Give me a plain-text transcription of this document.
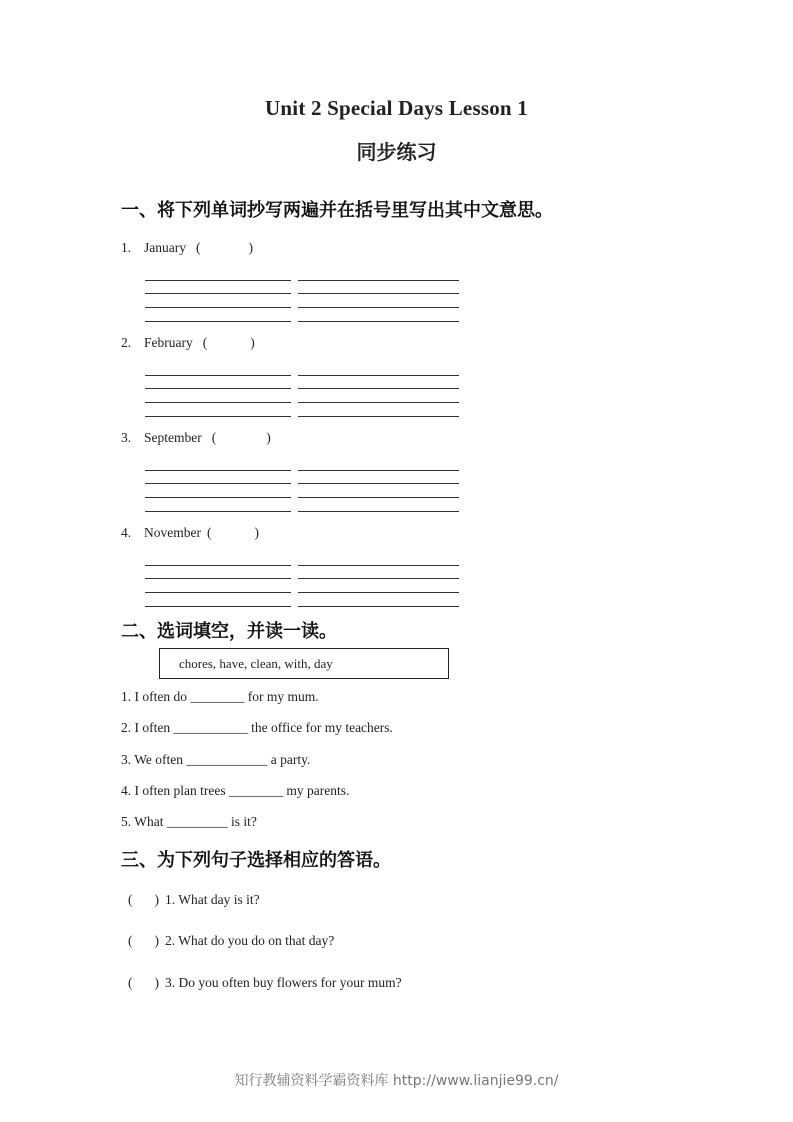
Unit 2 Special Days Lesson 1
同步练习
一、将下列单词抄写两遍并在括号里写出其中文意思。
1. January (	)
2. February (	)
3. September (	)
4. November (	)
二、选词填空，并读一读。
chores, have, clean, with, day
1. I often do ________ for my mum.
2. I often ___________ the office for my teachers.
3. We often ____________ a party.
4. I often plan trees ________ my parents.
5. What _________ is it?
三、为下列句子选择相应的答语。
( ) 1. What day is it?
( ) 2. What do you do on that day?
( ) 3. Do you often buy flowers for your mum?
知行教辅资料学霸资料库 http://www.lianjie99.cn/
